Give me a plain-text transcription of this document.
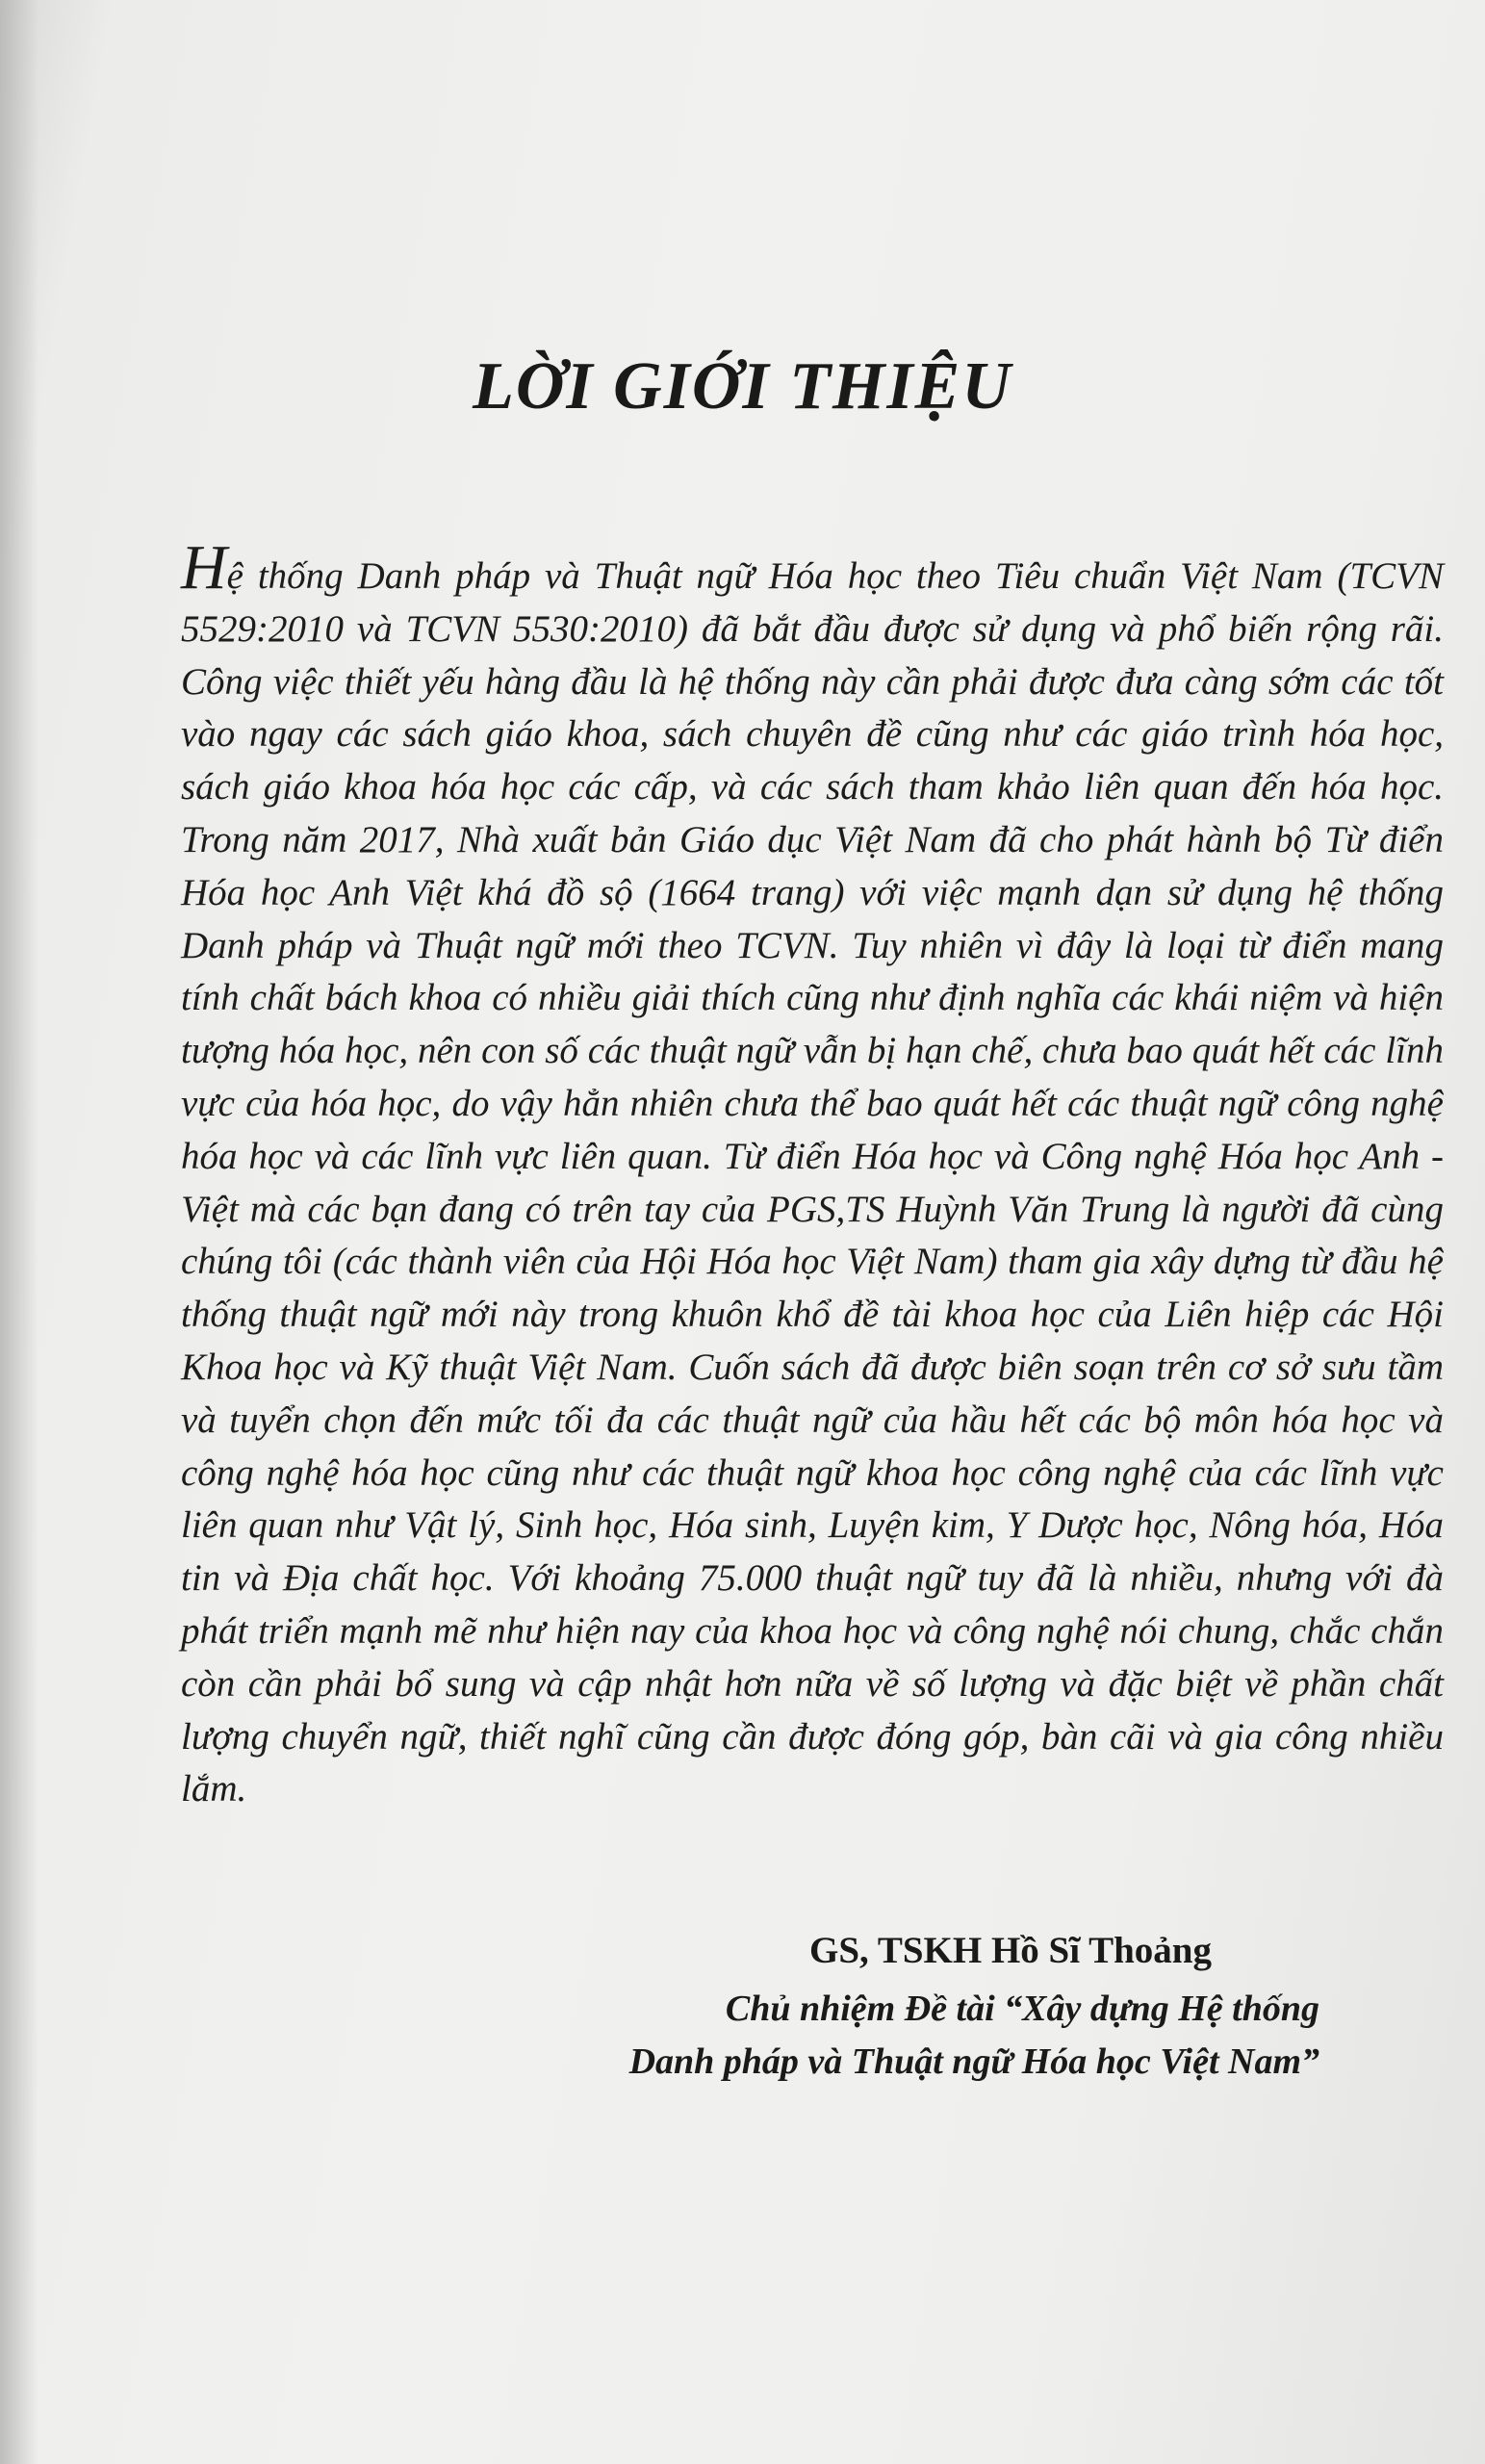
LỜI GIỚI THIỆU

Hệ thống Danh pháp và Thuật ngữ Hóa học theo Tiêu chuẩn Việt Nam (TCVN 5529:2010 và TCVN 5530:2010) đã bắt đầu được sử dụng và phổ biến rộng rãi. Công việc thiết yếu hàng đầu là hệ thống này cần phải được đưa càng sớm các tốt vào ngay các sách giáo khoa, sách chuyên đề cũng như các giáo trình hóa học, sách giáo khoa hóa học các cấp, và các sách tham khảo liên quan đến hóa học. Trong năm 2017, Nhà xuất bản Giáo dục Việt Nam đã cho phát hành bộ Từ điển Hóa học Anh Việt khá đồ sộ (1664 trang) với việc mạnh dạn sử dụng hệ thống Danh pháp và Thuật ngữ mới theo TCVN. Tuy nhiên vì đây là loại từ điển mang tính chất bách khoa có nhiều giải thích cũng như định nghĩa các khái niệm và hiện tượng hóa học, nên con số các thuật ngữ vẫn bị hạn chế, chưa bao quát hết các lĩnh vực của hóa học, do vậy hẳn nhiên chưa thể bao quát hết các thuật ngữ công nghệ hóa học và các lĩnh vực liên quan. Từ điển Hóa học và Công nghệ Hóa học Anh - Việt mà các bạn đang có trên tay của PGS,TS Huỳnh Văn Trung là người đã cùng chúng tôi (các thành viên của Hội Hóa học Việt Nam) tham gia xây dựng từ đầu hệ thống thuật ngữ mới này trong khuôn khổ đề tài khoa học của Liên hiệp các Hội Khoa học và Kỹ thuật Việt Nam. Cuốn sách đã được biên soạn trên cơ sở sưu tầm và tuyển chọn đến mức tối đa các thuật ngữ của hầu hết các bộ môn hóa học và công nghệ hóa học cũng như các thuật ngữ khoa học công nghệ của các lĩnh vực liên quan như Vật lý, Sinh học, Hóa sinh, Luyện kim, Y Dược học, Nông hóa, Hóa tin và Địa chất học. Với khoảng 75.000 thuật ngữ tuy đã là nhiều, nhưng với đà phát triển mạnh mẽ như hiện nay của khoa học và công nghệ nói chung, chắc chắn còn cần phải bổ sung và cập nhật hơn nữa về số lượng và đặc biệt về phần chất lượng chuyển ngữ, thiết nghĩ cũng cần được đóng góp, bàn cãi và gia công nhiều lắm.

GS, TSKH Hồ Sĩ Thoảng

Chủ nhiệm Đề tài “Xây dựng Hệ thống
Danh pháp và Thuật ngữ Hóa học Việt Nam”
